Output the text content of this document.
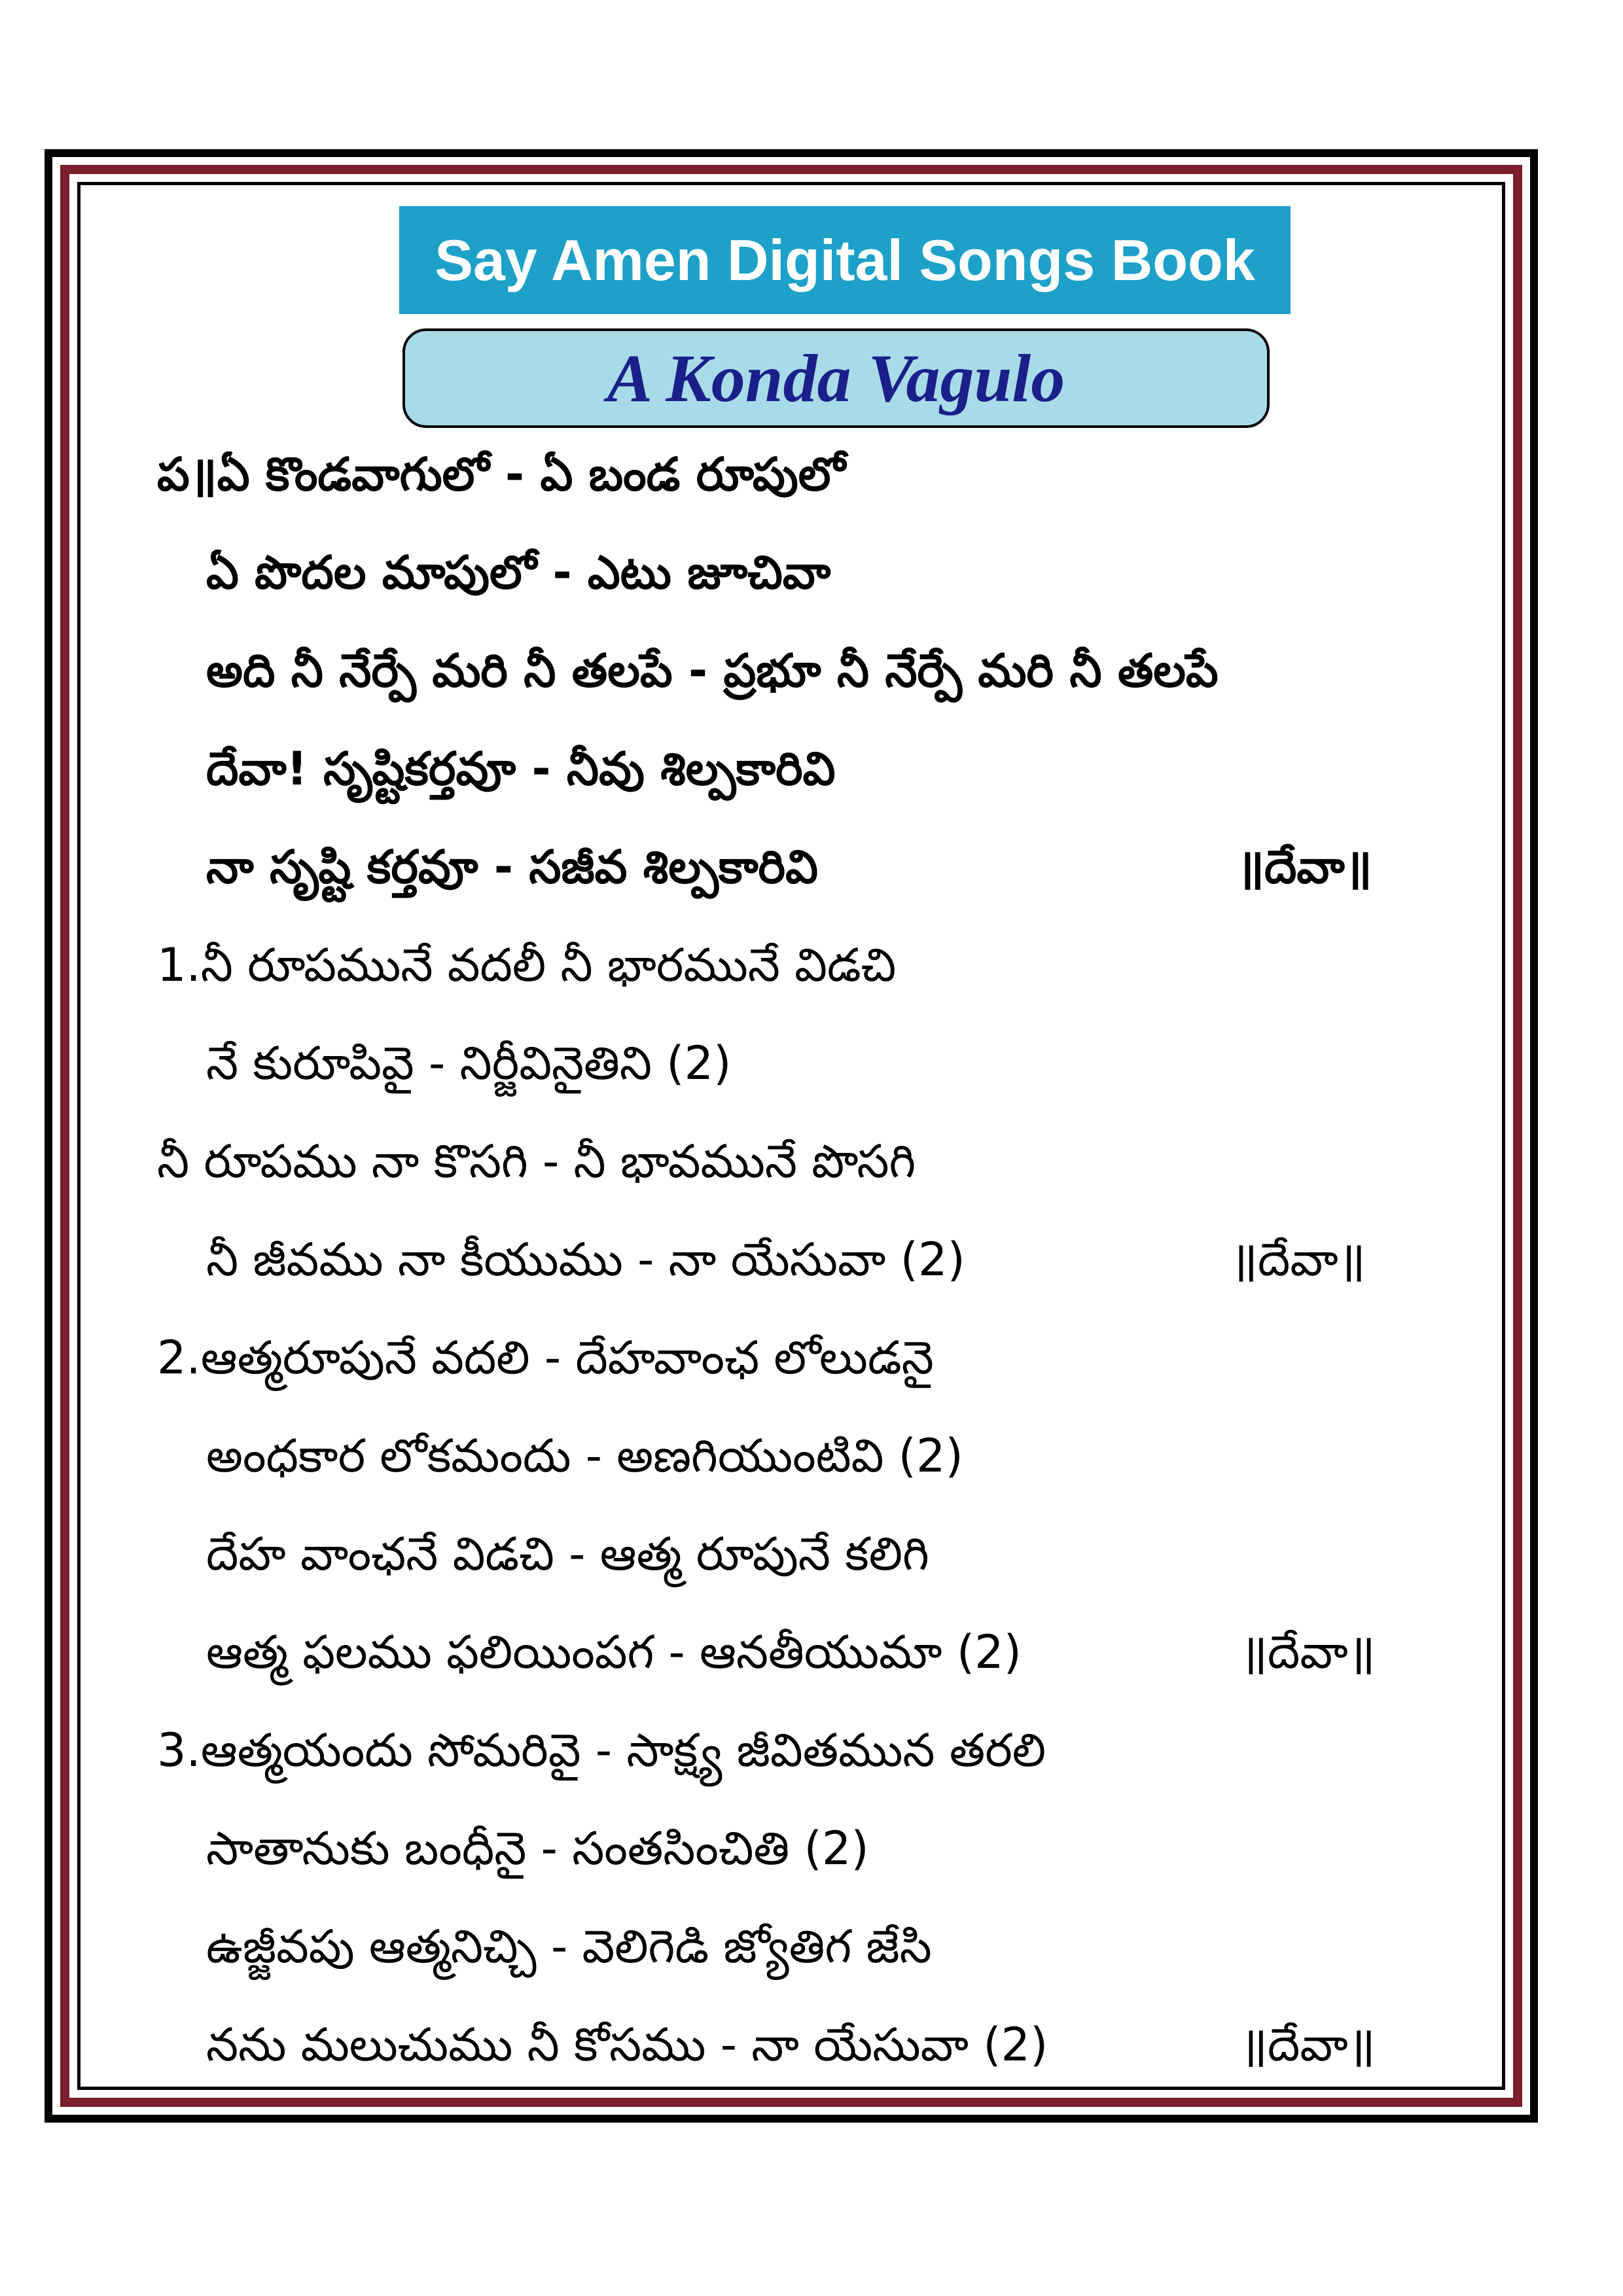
Say Amen Digital Songs Book
A Konda Vagulo
ప॥ఏ కొండవాగులో - ఏ బండ రూపులో
ఏ పొదల మాపులో - ఎటు జూచివా
అది నీ నేర్పే మరి నీ తలపే - ప్రభూ నీ నేర్పే మరి నీ తలపే
దేవా! సృష్టికర్తవూ - నీవు శిల్పకారివి
నా సృష్టి కర్తవూ - సజీవ శిల్పకారివి	॥దేవా॥
1.నీ రూపమునే వదలీ నీ భారమునే విడచి
నే కురూపివై - నిర్జీవినైతిని (2)
నీ రూపము నా కొసగి - నీ భావమునే పొసగి
నీ జీవము నా కీయుము - నా యేసువా (2)	॥దేవా॥
2.ఆత్మరూపునే వదలి - దేహవాంఛ లోలుడనై
అంధకార లోకమందు - అణగియుంటివి (2)
దేహ వాంఛనే విడచి - ఆత్మ రూపునే కలిగి
ఆత్మ ఫలము ఫలియింపగ - ఆనతీయుమా (2)	॥దేవా॥
3.ఆత్మయందు సోమరివై - సాక్ష్య జీవితమున తరలి
సాతానుకు బంధీనై - సంతసించితి (2)
ఉజ్జీవపు ఆత్మనిచ్చి - వెలిగెడి జ్యోతిగ జేసి
నను మలుచుము నీ కోసము - నా యేసువా (2)	॥దేవా॥
